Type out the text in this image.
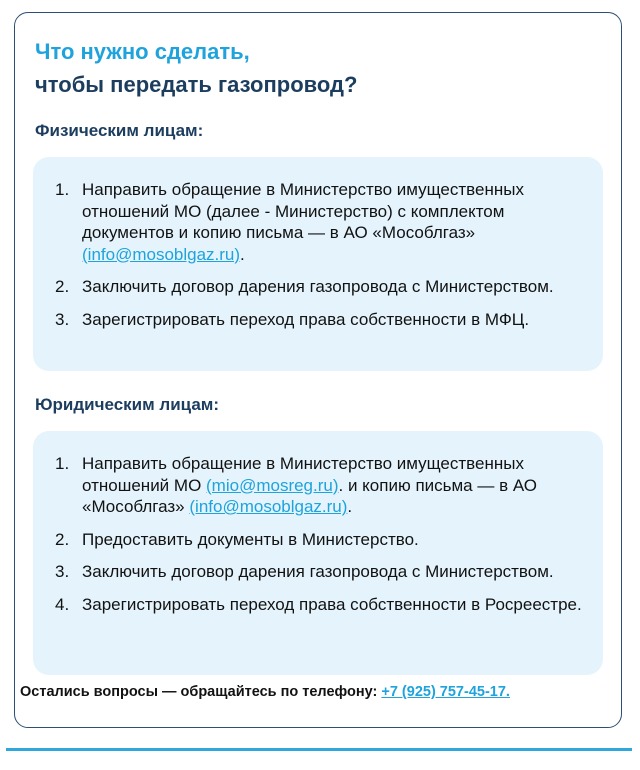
Что нужно сделать,
чтобы передать газопровод?
Физическим лицам:
1. Направить обращение в Министерство имущественных отношений МО (далее - Министерство) с комплектом документов и копию письма — в АО «Мособлгаз» (info@mosoblgaz.ru).
2. Заключить договор дарения газопровода с Министерством.
3. Зарегистрировать переход права собственности в МФЦ.
Юридическим лицам:
1. Направить обращение в Министерство имущественных отношений МО (mio@mosreg.ru). и копию письма — в АО «Мособлгаз» (info@mosoblgaz.ru).
2. Предоставить документы в Министерство.
3. Заключить договор дарения газопровода с Министерством.
4. Зарегистрировать переход права собственности в Росреестре.
Остались вопросы — обращайтесь по телефону: +7 (925) 757-45-17.
